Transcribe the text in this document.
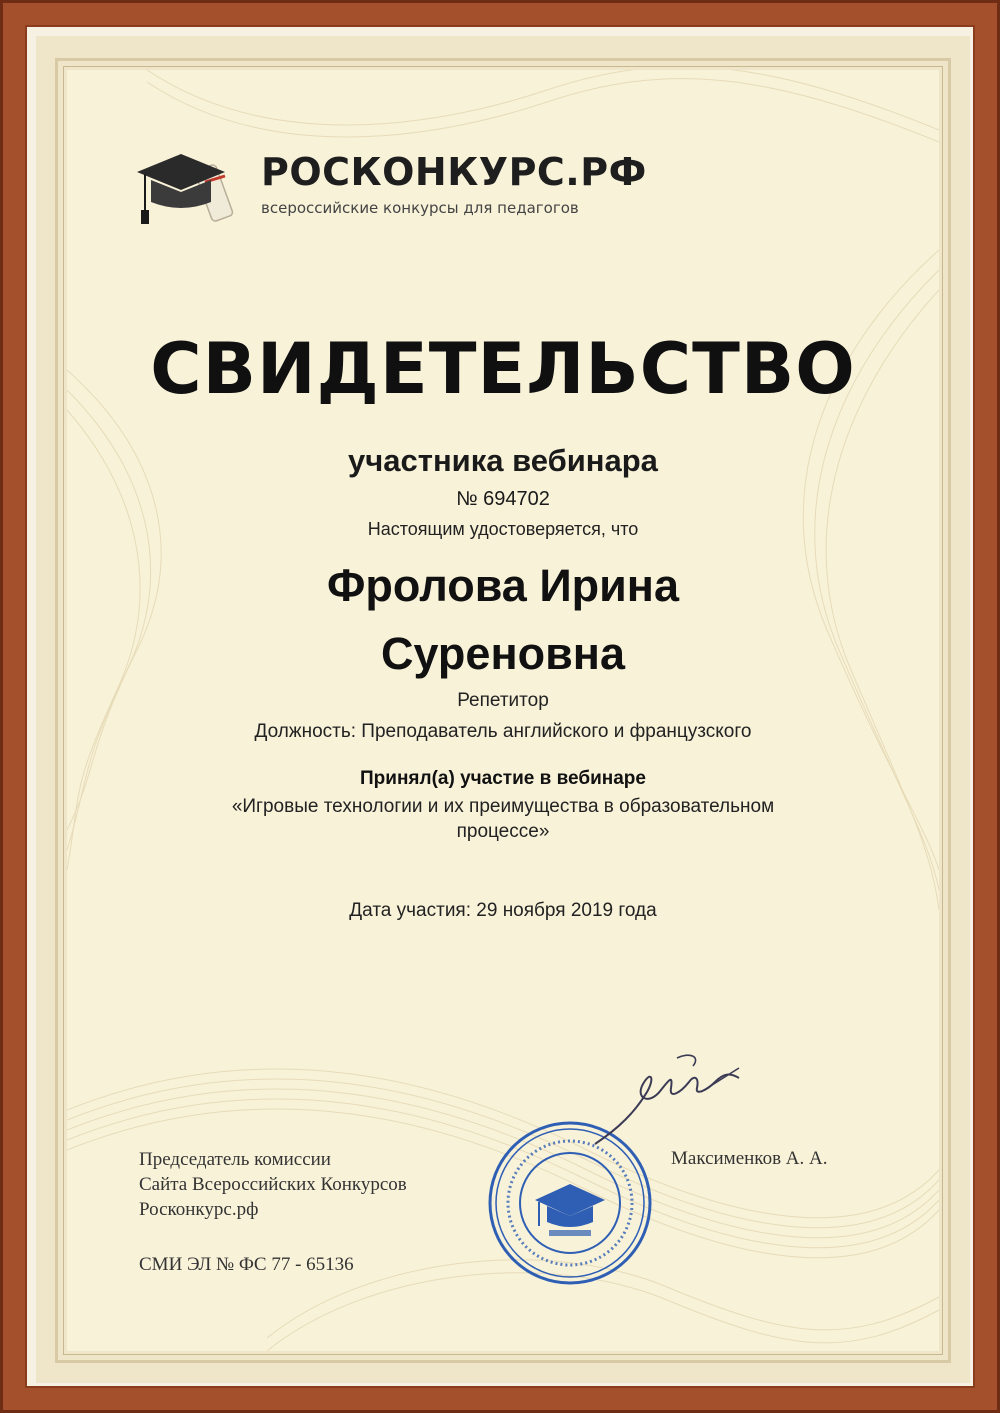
РОСКОНКУРС.РФ
всероссийские конкурсы для педагогов
СВИДЕТЕЛЬСТВО
участника вебинара
№ 694702
Настоящим удостоверяется, что
Фролова Ирина
Суреновна
Репетитор
Должность: Преподаватель английского и французского
Принял(а) участие в вебинаре
«Игровые технологии и их преимущества в образовательном процессе»
Дата участия: 29 ноября 2019 года
Председатель комиссии
Сайта Всероссийских Конкурсов
Росконкурс.рф
СМИ ЭЛ № ФС 77 - 65136
Максименков А. А.
